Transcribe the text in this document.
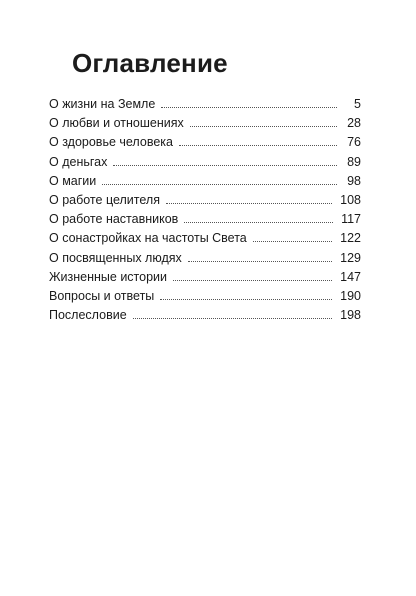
Оглавление
О жизни на Земле	5
О любви и отношениях	28
О здоровье человека	76
О деньгах	89
О магии	98
О работе целителя	108
О работе наставников	117
О сонастройках на частоты Света	122
О посвященных людях	129
Жизненные истории	147
Вопросы и ответы	190
Послесловие	198
